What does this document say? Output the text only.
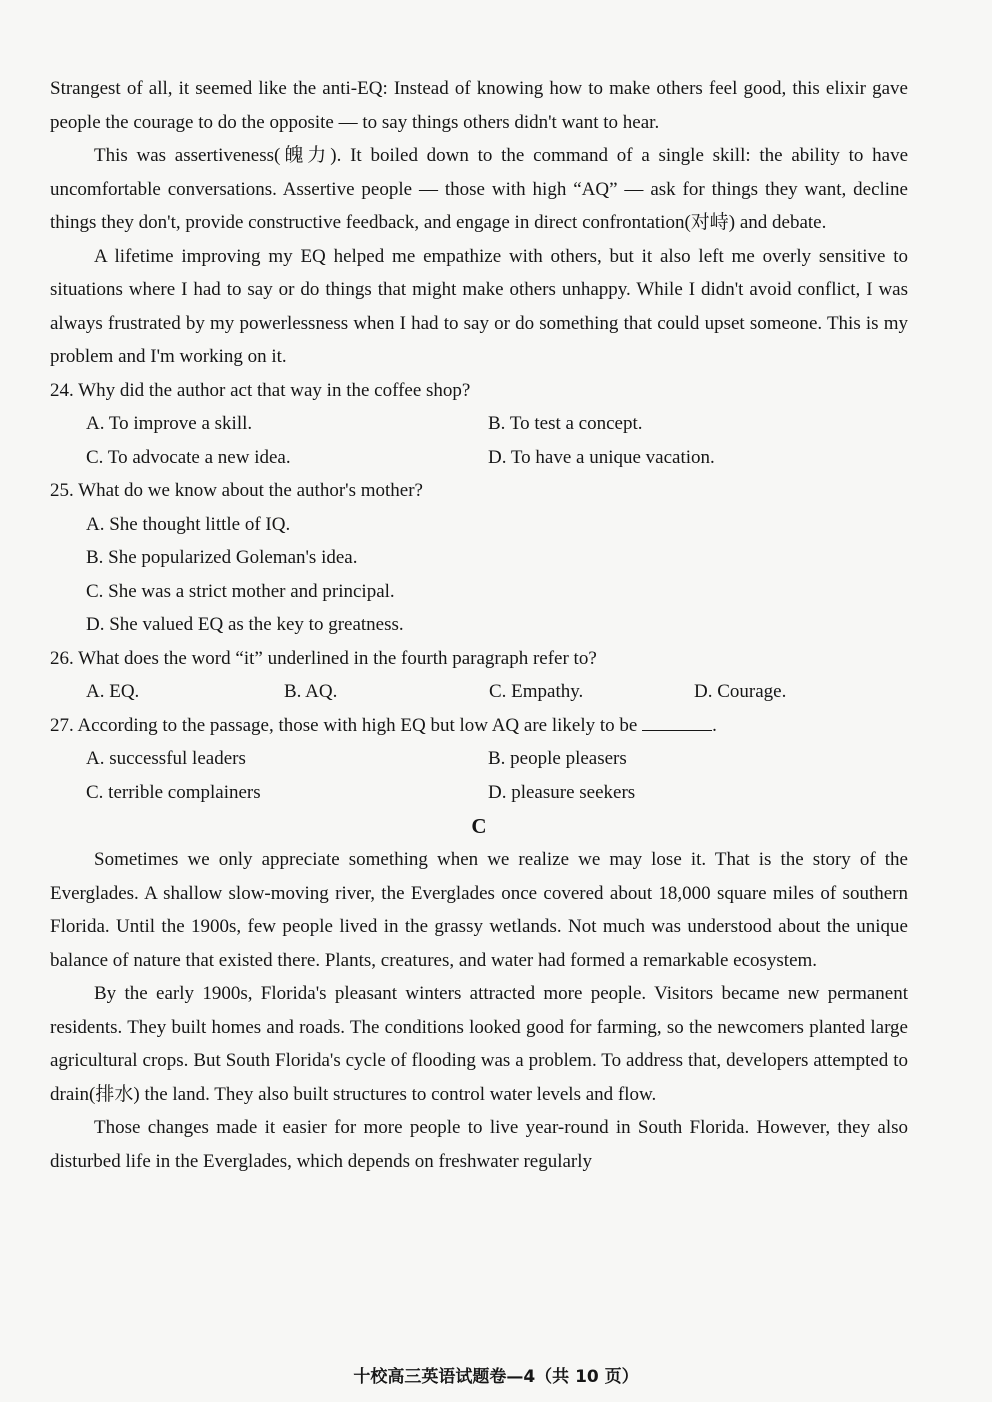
Strangest of all, it seemed like the anti-EQ: Instead of knowing how to make others feel good, this elixir gave people the courage to do the opposite — to say things others didn't want to hear.

This was assertiveness(魄力). It boiled down to the command of a single skill: the ability to have uncomfortable conversations. Assertive people — those with high “AQ” — ask for things they want, decline things they don't, provide constructive feedback, and engage in direct confrontation(对峙) and debate.

A lifetime improving my EQ helped me empathize with others, but it also left me overly sensitive to situations where I had to say or do things that might make others unhappy. While I didn't avoid conflict, I was always frustrated by my powerlessness when I had to say or do something that could upset someone. This is my problem and I'm working on it.

24. Why did the author act that way in the coffee shop?

A. To improve a skill.	B. To test a concept.
C. To advocate a new idea.	D. To have a unique vacation.

25. What do we know about the author's mother?

A. She thought little of IQ.
B. She popularized Goleman's idea.
C. She was a strict mother and principal.
D. She valued EQ as the key to greatness.

26. What does the word “it” underlined in the fourth paragraph refer to?

A. EQ.	B. AQ.	C. Empathy.	D. Courage.

27. According to the passage, those with high EQ but low AQ are likely to be	.

A. successful leaders	B. people pleasers
C. terrible complainers	D. pleasure seekers

C

Sometimes we only appreciate something when we realize we may lose it. That is the story of the Everglades. A shallow slow-moving river, the Everglades once covered about 18,000 square miles of southern Florida. Until the 1900s, few people lived in the grassy wetlands. Not much was understood about the unique balance of nature that existed there. Plants, creatures, and water had formed a remarkable ecosystem.

By the early 1900s, Florida's pleasant winters attracted more people. Visitors became new permanent residents. They built homes and roads. The conditions looked good for farming, so the newcomers planted large agricultural crops. But South Florida's cycle of flooding was a problem. To address that, developers attempted to drain(排水) the land. They also built structures to control water levels and flow.

Those changes made it easier for more people to live year-round in South Florida. However, they also disturbed life in the Everglades, which depends on freshwater regularly

十校高三英语试题卷—4（共 10 页）
